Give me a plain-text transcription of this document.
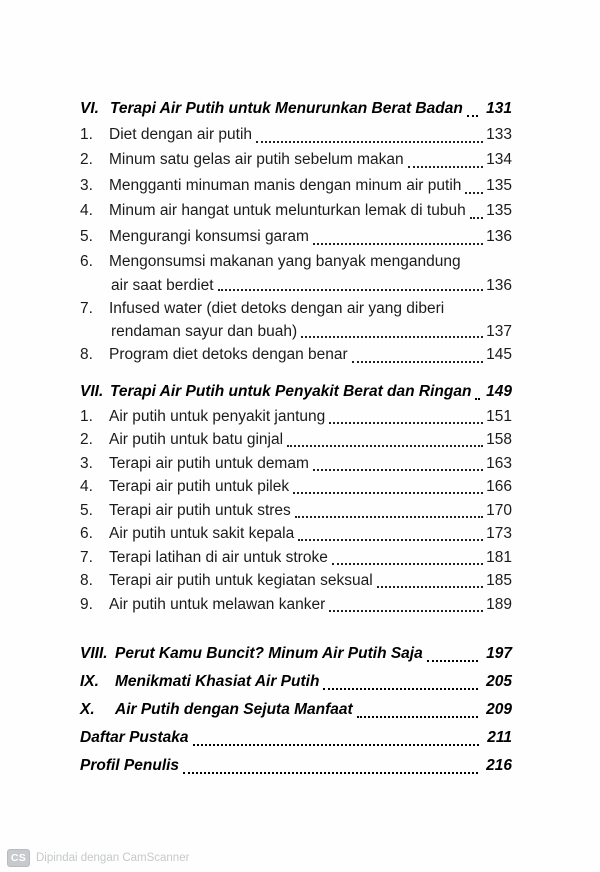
VI. Terapi Air Putih untuk Menurunkan Berat Badan 131
1.	Diet dengan air putih	133
2.	Minum satu gelas air putih sebelum makan	134
3.	Mengganti minuman manis dengan minum air putih 135
4.	Minum air hangat untuk melunturkan lemak di tubuh 135
5.	Mengurangi konsumsi garam	136
6.	Mengonsumsi makanan yang banyak mengandung
air saat berdiet	136
7.	Infused water (diet detoks dengan air yang diberi
rendaman sayur dan buah)	137
8.	Program diet detoks dengan benar	145
VII. Terapi Air Putih untuk Penyakit Berat dan Ringan 149
1.	Air putih untuk penyakit jantung	151
2.	Air putih untuk batu ginjal	158
3.	Terapi air putih untuk demam	163
4.	Terapi air putih untuk pilek	166
5.	Terapi air putih untuk stres	170
6.	Air putih untuk sakit kepala	173
7.	Terapi latihan di air untuk stroke	181
8.	Terapi air putih untuk kegiatan seksual	185
9.	Air putih untuk melawan kanker	189
VIII. Perut Kamu Buncit? Minum Air Putih Saja	197
IX.	Menikmati Khasiat Air Putih	205
X.	Air Putih dengan Sejuta Manfaat	209
Daftar Pustaka	211
Profil Penulis	216
CS Dipindai dengan CamScanner
